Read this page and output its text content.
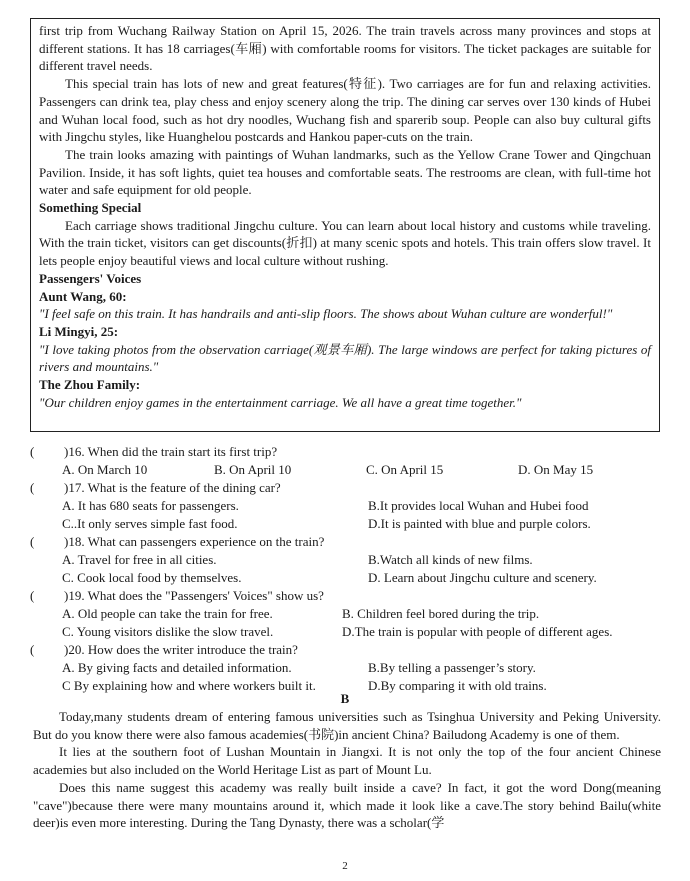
first trip from Wuchang Railway Station on April 15, 2026. The train travels across many provinces and stops at different stations. It has 18 carriages(车厢) with comfortable rooms for visitors. The ticket packages are suitable for different travel needs.

This special train has lots of new and great features(特征). Two carriages are for fun and relaxing activities. Passengers can drink tea, play chess and enjoy scenery along the trip. The dining car serves over 130 kinds of Hubei and Wuhan local food, such as hot dry noodles, Wuchang fish and sparerib soup. People can also buy cultural gifts with Jingchu styles, like Huanghelou postcards and Hankou paper-cuts on the train.

The train looks amazing with paintings of Wuhan landmarks, such as the Yellow Crane Tower and Qingchuan Pavilion. Inside, it has soft lights, quiet tea houses and comfortable seats. The restrooms are clean, with full-time hot water and safe equipment for old people.

Something Special

Each carriage shows traditional Jingchu culture. You can learn about local history and customs while traveling. With the train ticket, visitors can get discounts(折扣) at many scenic spots and hotels. This train offers slow travel. It lets people enjoy beautiful views and local culture without rushing.

Passengers' Voices

Aunt Wang, 60:

"I feel safe on this train. It has handrails and anti-slip floors. The shows about Wuhan culture are wonderful!"

Li Mingyi, 25:

"I love taking photos from the observation carriage(观景车厢). The large windows are perfect for taking pictures of rivers and mountains."

The Zhou Family:

"Our children enjoy games in the entertainment carriage. We all have a great time together."

(	)16. When did the train start its first trip?
A. On March 10	B. On April 10	C. On April 15	D. On May 15
(	)17. What is the feature of the dining car?
A. It has 680 seats for passengers.	B.It provides local Wuhan and Hubei food
C..It only serves simple fast food.	D.It is painted with blue and purple colors.
(	)18. What can passengers experience on the train?
A. Travel for free in all cities.	B.Watch all kinds of new films.
C. Cook local food by themselves.	D. Learn about Jingchu culture and scenery.
(	)19. What does the "Passengers' Voices" show us?
A. Old people can take the train for free.	B. Children feel bored during the trip.
C. Young visitors dislike the slow travel.	D.The train is popular with people of different ages.
(	)20. How does the writer introduce the train?
A. By giving facts and detailed information.	B.By telling a passenger’s story.
C By explaining how and where workers built it.	D.By comparing it with old trains.
B

Today,many students dream of entering famous universities such as Tsinghua University and Peking University. But do you know there were also famous academies(书院)in ancient China? Bailudong Academy is one of them.

It lies at the southern foot of Lushan Mountain in Jiangxi. It is not only the top of the four ancient Chinese academies but also included on the World Heritage List as part of Mount Lu.

Does this name suggest this academy was really built inside a cave? In fact, it got the word Dong(meaning "cave")because there were many mountains around it, which made it look like a cave.The story behind Bailu(white deer)is even more interesting. During the Tang Dynasty, there was a scholar(学

2
